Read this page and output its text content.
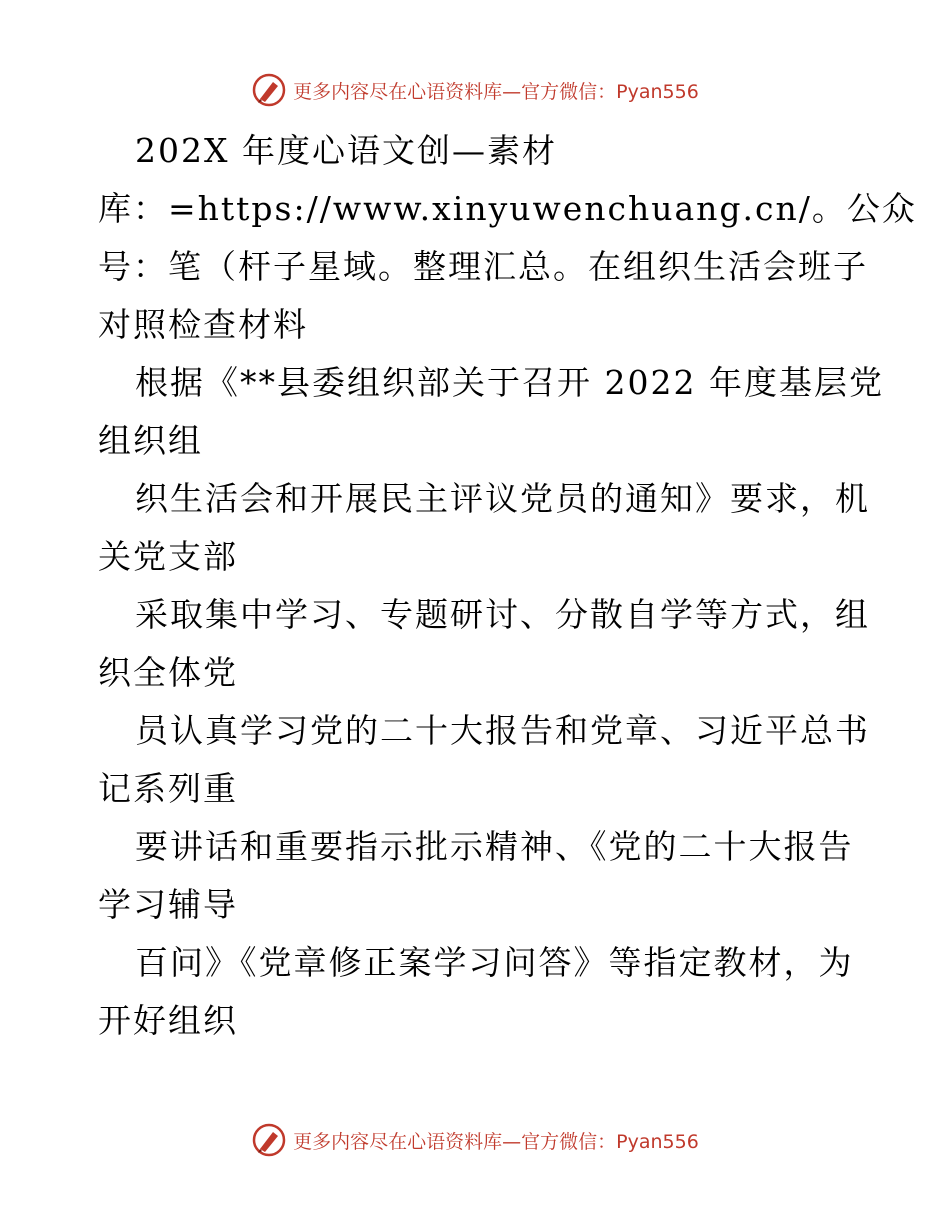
更多内容尽在心语资料库—官方微信：Pyan556
202X 年度心语文创—素材
库：=https://www.xinyuwenchuang.cn/。公众
号：笔（杆子星域。整理汇总。在组织生活会班子
对照检查材料
根据《**县委组织部关于召开 2022 年度基层党
组织组
织生活会和开展民主评议党员的通知》要求，机
关党支部
采取集中学习、专题研讨、分散自学等方式，组
织全体党
员认真学习党的二十大报告和党章、习近平总书
记系列重
要讲话和重要指示批示精神、《党的二十大报告
学习辅导
百问》《党章修正案学习问答》等指定教材，为
开好组织
更多内容尽在心语资料库—官方微信：Pyan556
